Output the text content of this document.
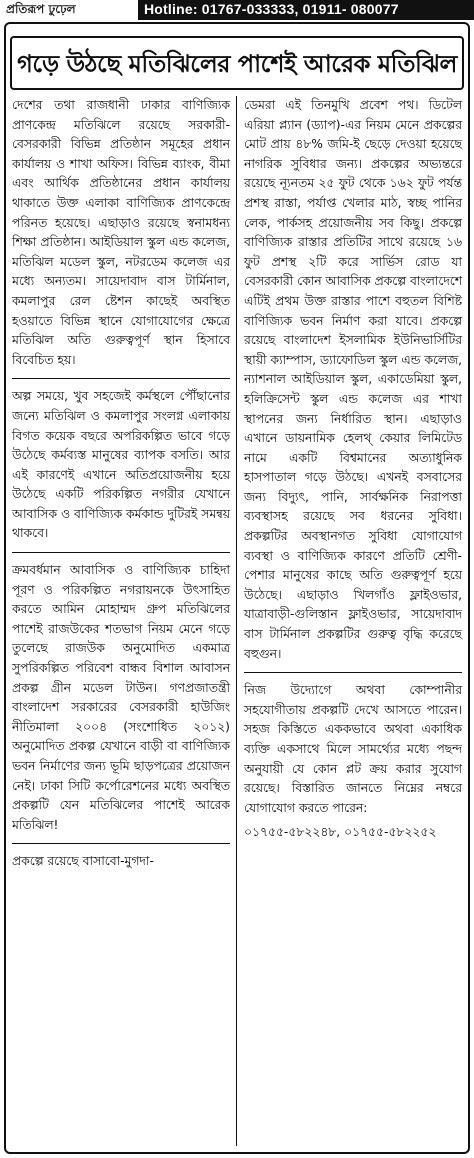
প্রতিরূপ ঢুঢ়েল	Hotline: 01767-033333, 01911- 080077
গড়ে উঠছে মতিঝিলের পাশেই আরেক মতিঝিল

দেশের তথা রাজধানী ঢাকার বাণিজ্যিক প্রাণকেন্দ্র মতিঝিলে রয়েছে সরকারী-বেসরকারী বিভিন্ন প্রতিষ্ঠান সমূহের প্রধান কার্যালয় ও শাখা অফিস। বিভিন্ন ব্যাংক, বীমা এবং আর্থিক প্রতিষ্ঠানের প্রধান কার্যালয় থাকাতে উক্ত এলাকা বাণিজ্যিক প্রাণকেন্দ্রে পরিনত হয়েছে। এছাড়াও রয়েছে স্বনামধন্য শিক্ষা প্রতিষ্ঠান। আইডিয়াল স্কুল এন্ড কলেজ, মতিঝিল মডেল স্কুল, নটরডেম কলেজ এর মধ্যে অন্যতম। সায়েদাবাদ বাস টার্মিনাল, কমলাপুর রেল ষ্টেশন কাছেই অবস্থিত হওয়াতে বিভিন্ন স্থানে যোগাযোগের ক্ষেত্রে মতিঝিল অতি গুরুত্বপূর্ণ স্থান হিসাবে বিবেচিত হয়।

অল্প সময়ে, খুব সহজেই কর্মস্থলে পৌঁছানোর জন্যে মতিঝিল ও কমলাপুর সংলগ্ন এলাকায় বিগত কয়েক বছরে অপরিকল্পিত ভাবে গড়ে উঠেছে কর্মব্যস্ত মানুষের ব্যাপক বসতি। আর এই কারণেই এখানে অতিপ্রয়োজনীয় হয়ে উঠেছে একটি পরিকল্পিত নগরীর যেখানে আবাসিক ও বাণিজ্যিক কর্মকান্ড দুটিরই সমন্বয় থাকবে।

ক্রমবর্ধমান আবাসিক ও বাণিজ্যিক চাহিদা পূরণ ও পরিকল্পিত নগরায়নকে উৎসাহিত করতে আমিন মোহাম্মদ গ্রুপ মতিঝিলের পাশেই রাজউকের শতভাগ নিয়ম মেনে গড়ে তুলেছে রাজউক অনুমোদিত একমাত্র সুপরিকল্পিত পরিবেশ বান্ধব বিশাল আবাসন প্রকল্প গ্রীন মডেল টাউন। গণপ্রজাতন্ত্রী বাংলাদেশ সরকারের বেসরকারী হাউজিং নীতিমালা ২০০৪ (সংশোধিত ২০১২) অনুমোদিত প্রকল্প যেখানে বাড়ী বা বাণিজ্যিক ভবন নির্মাণের জন্য ভূমি ছাড়পত্রের প্রয়োজন নেই। ঢাকা সিটি কর্পোরেশনের মধ্যে অবস্থিত প্রকল্পটি যেন মতিঝিলের পাশেই আরেক মতিঝিল!

প্রকল্পে রয়েছে বাসাবো-মুগদা-

ডেমরা এই তিনমুখি প্রবেশ পথ। ডিটেল এরিয়া প্ল্যান (ড্যাপ)-এর নিয়ম মেনে প্রকল্পের মোট প্রায় ৪৮% জমি-ই ছেড়ে দেওয়া হয়েছে নাগরিক সুবিধার জন্য। প্রকল্পের অভ্যন্তরে রয়েছে ন্যূনতম ২৫ ফুট থেকে ১৬২ ফুট পর্যন্ত প্রশস্থ রাস্তা, পর্যাপ্ত খেলার মাঠ, স্বচ্ছ পানির লেক, পার্কসহ প্রয়োজনীয় সব কিছু। প্রকল্পে বাণিজ্যিক রাস্তার প্রতিটির সাথে রয়েছে ১৬ ফুট প্রশস্থ ২টি করে সার্ভিস রোড যা বেসরকারী কোন আবাসিক প্রকল্পে বাংলাদেশে এটিই প্রথম উক্ত রাস্তার পাশে বহুতল বিশিষ্ট বাণিজ্যিক ভবন নির্মাণ করা যাবে। প্রকল্পে রয়েছে বাংলাদেশ ইসলামিক ইউনিভার্সিটির স্থায়ী ক্যাম্পাস, ড্যাফোডিল স্কুল এন্ড কলেজ, ন্যাশনাল আইডিয়াল স্কুল, একাডেমিয়া স্কুল, হলিক্রিসেন্ট স্কুল এন্ড কলেজ এর শাখা স্থাপনের জন্য নির্ধারিত স্থান। এছাড়াও এখানে ডায়নামিক হেলথ্ কেয়ার লিমিটেড নামে একটি বিশ্বমানের অত্যাধুনিক হাসপাতাল গড়ে উঠছে। এখনই বসবাসের জন্য বিদ্যুৎ, পানি, সার্বক্ষনিক নিরাপত্তা ব্যবস্থাসহ রয়েছে সব ধরনের সুবিধা। প্রকল্পটির অবস্থানগত সুবিধা যোগাযোগ ব্যবস্থা ও বাণিজ্যিক কারণে প্রতিটি শ্রেণী-পেশার মানুষের কাছে অতি গুরুত্বপূর্ণ হয়ে উঠেছে। এছাড়াও খিলগাঁও ফ্লাইওভার, যাত্রাবাড়ী-গুলিস্তান ফ্লাইওভার, সায়েদাবাদ বাস টার্মিনাল প্রকল্পটির গুরুত্ব বৃদ্ধি করেছে বহুগুন।

নিজ উদ্যোগে অথবা কোম্পানীর সহযোগীতায় প্রকল্পটি দেখে আসতে পারেন। সহজ কিস্তিতে এককভাবে অথবা একাধিক ব্যক্তি একসাথে মিলে সামর্থ্যের মধ্যে পছন্দ অনুযায়ী যে কোন প্লট ক্রয় করার সুযোগ রয়েছে। বিস্তারিত জানতে নিম্নের নম্বরে যোগাযোগ করতে পারেন:

০১৭৫৫-৫৮২২৪৮, ০১৭৫৫-৫৮২২৫২
